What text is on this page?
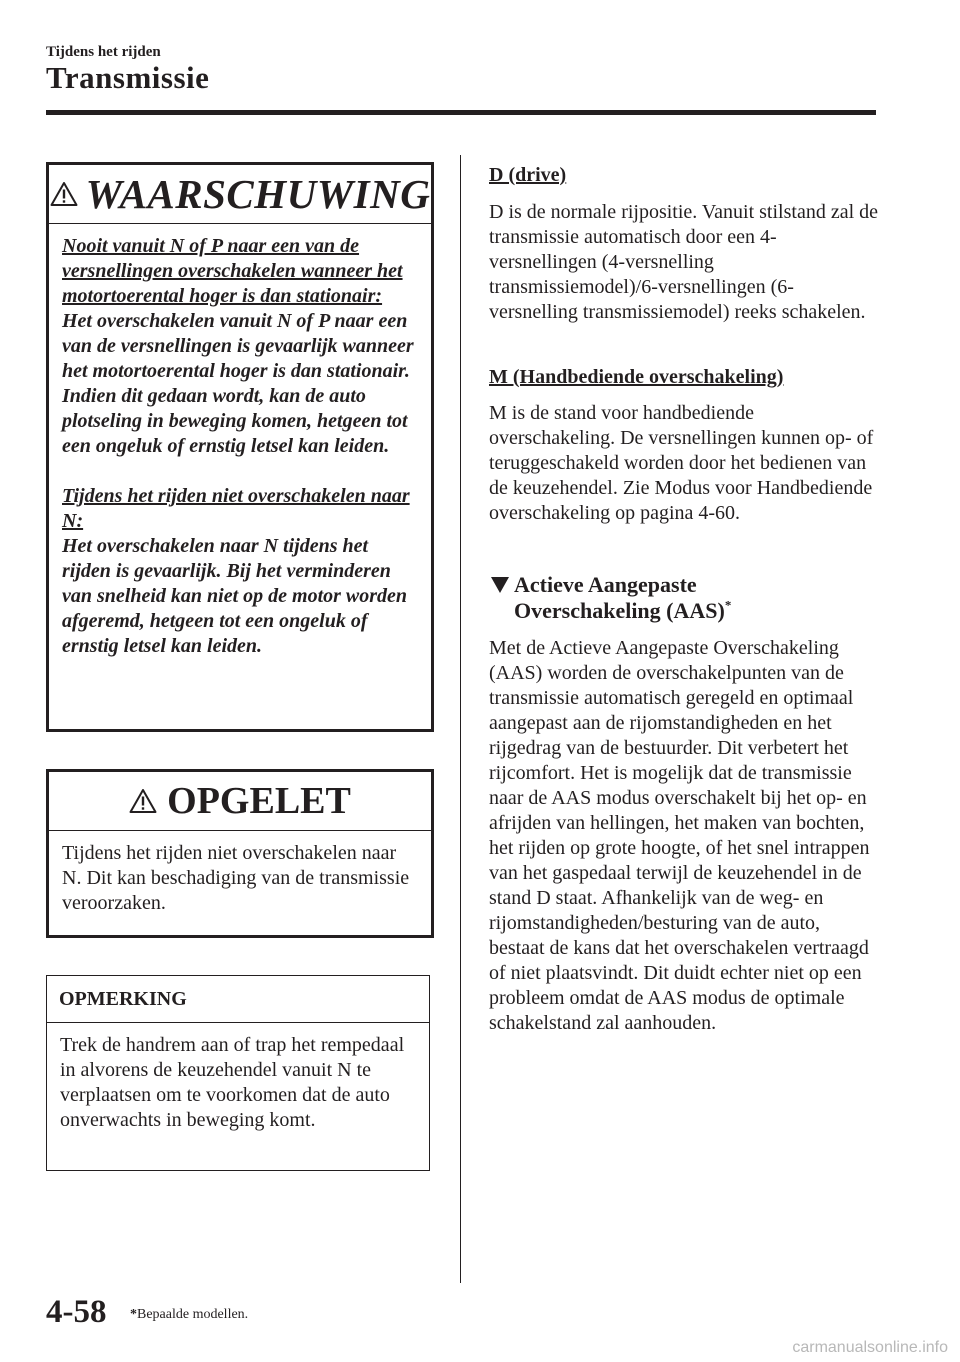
Tijdens het rijden
Transmissie
WAARSCHUWING
Nooit vanuit N of P naar een van de versnellingen overschakelen wanneer het motortoerental hoger is dan stationair:
Het overschakelen vanuit N of P naar een van de versnellingen is gevaarlijk wanneer het motortoerental hoger is dan stationair. Indien dit gedaan wordt, kan de auto plotseling in beweging komen, hetgeen tot een ongeluk of ernstig letsel kan leiden.
Tijdens het rijden niet overschakelen naar N:
Het overschakelen naar N tijdens het rijden is gevaarlijk. Bij het verminderen van snelheid kan niet op de motor worden afgeremd, hetgeen tot een ongeluk of ernstig letsel kan leiden.
OPGELET
Tijdens het rijden niet overschakelen naar N. Dit kan beschadiging van de transmissie veroorzaken.
OPMERKING
Trek de handrem aan of trap het rempedaal in alvorens de keuzehendel vanuit N te verplaatsen om te voorkomen dat de auto onverwachts in beweging komt.
D (drive)
D is de normale rijpositie. Vanuit stilstand zal de transmissie automatisch door een 4-versnellingen (4-versnelling transmissiemodel)/6-versnellingen (6-versnelling transmissiemodel) reeks schakelen.
M (Handbediende overschakeling)
M is de stand voor handbediende overschakeling. De versnellingen kunnen op- of teruggeschakeld worden door het bedienen van de keuzehendel. Zie Modus voor Handbediende overschakeling op pagina 4-60.
Actieve Aangepaste
Overschakeling (AAS)*
Met de Actieve Aangepaste Overschakeling (AAS) worden de overschakelpunten van de transmissie automatisch geregeld en optimaal aangepast aan de rijomstandigheden en het rijgedrag van de bestuurder. Dit verbetert het rijcomfort. Het is mogelijk dat de transmissie naar de AAS modus overschakelt bij het op- en afrijden van hellingen, het maken van bochten, het rijden op grote hoogte, of het snel intrappen van het gaspedaal terwijl de keuzehendel in de stand D staat. Afhankelijk van de weg- en rijomstandigheden/besturing van de auto, bestaat de kans dat het overschakelen vertraagd of niet plaatsvindt. Dit duidt echter niet op een probleem omdat de AAS modus de optimale schakelstand zal aanhouden.
4-58 *Bepaalde modellen.
carmanualsonline.info
